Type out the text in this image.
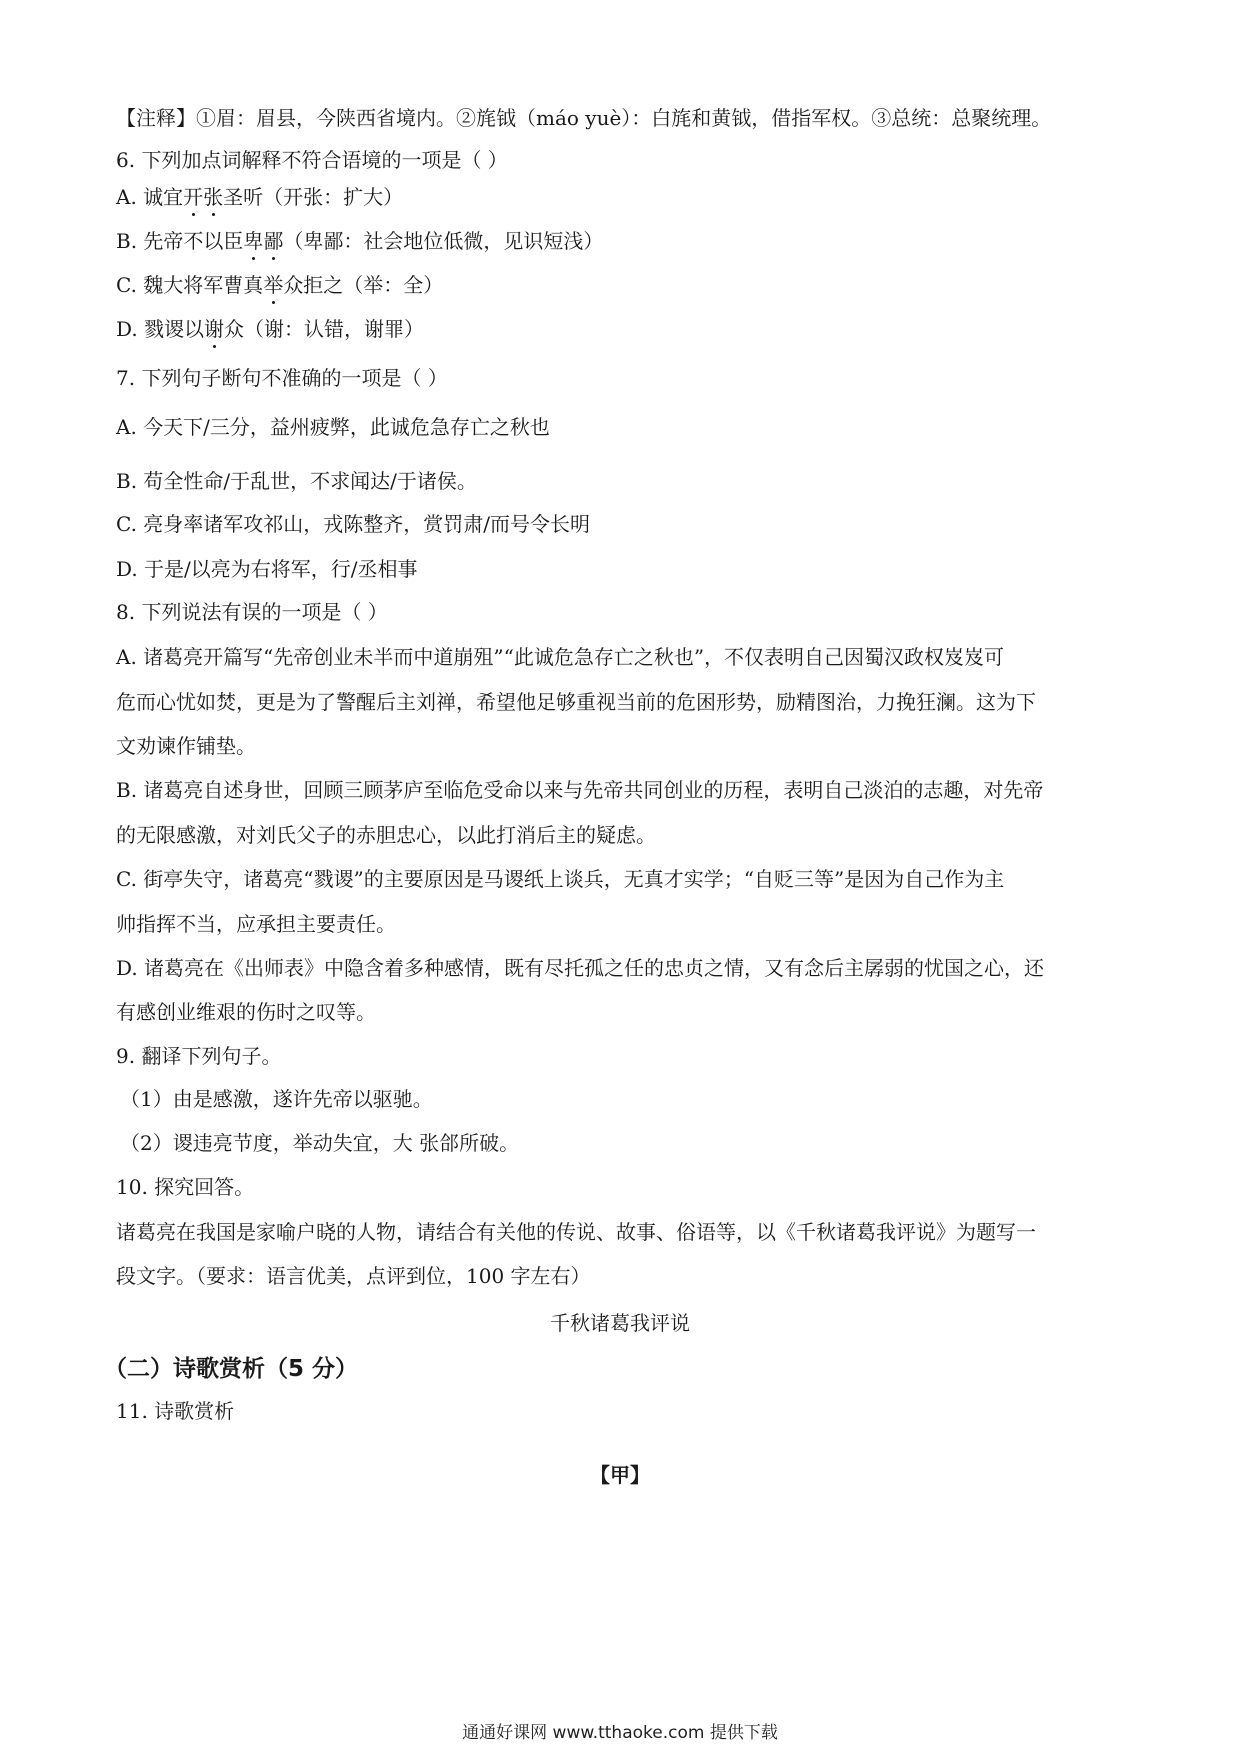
【注释】①眉：眉县，今陕西省境内。②旄钺（máo yuè）：白旄和黄钺，借指军权。③总统：总聚统理。
6. 下列加点词解释不符合语境的一项是（ ）
A. 诚宜开张圣听（开张：扩大）
B. 先帝不以臣卑鄙（卑鄙：社会地位低微，见识短浅）
C. 魏大将军曹真举众拒之（举：全）
D. 戮谡以谢众（谢：认错，谢罪）
7. 下列句子断句不准确的一项是（ ）
A. 今天下/三分，益州疲弊，此诚危急存亡之秋也
B. 苟全性命/于乱世，不求闻达/于诸侯。
C. 亮身率诸军攻祁山，戎陈整齐，赏罚肃/而号令长明
D. 于是/以亮为右将军，行/丞相事
8. 下列说法有误的一项是（ ）
A. 诸葛亮开篇写“先帝创业未半而中道崩殂”“此诚危急存亡之秋也”，不仅表明自己因蜀汉政权岌岌可
危而心忧如焚，更是为了警醒后主刘禅，希望他足够重视当前的危困形势，励精图治，力挽狂澜。这为下
文劝谏作铺垫。
B. 诸葛亮自述身世，回顾三顾茅庐至临危受命以来与先帝共同创业的历程，表明自己淡泊的志趣，对先帝
的无限感激，对刘氏父子的赤胆忠心，以此打消后主的疑虑。
C. 街亭失守，诸葛亮“戮谡”的主要原因是马谡纸上谈兵，无真才实学；“自贬三等”是因为自己作为主
帅指挥不当，应承担主要责任。
D. 诸葛亮在《出师表》中隐含着多种感情，既有尽托孤之任的忠贞之情，又有念后主孱弱的忧国之心，还
有感创业维艰的伤时之叹等。
9. 翻译下列句子。
（1）由是感激，遂许先帝以驱驰。
（2）谡违亮节度，举动失宜，大 张郃所破。
10. 探究回答。
诸葛亮在我国是家喻户晓的人物，请结合有关他的传说、故事、俗语等，以《千秋诸葛我评说》为题写一
段文字。（要求：语言优美，点评到位，100 字左右）
千秋诸葛我评说
（二）诗歌赏析（5 分）
11. 诗歌赏析
【甲】
通通好课网 www.tthaoke.com 提供下载
